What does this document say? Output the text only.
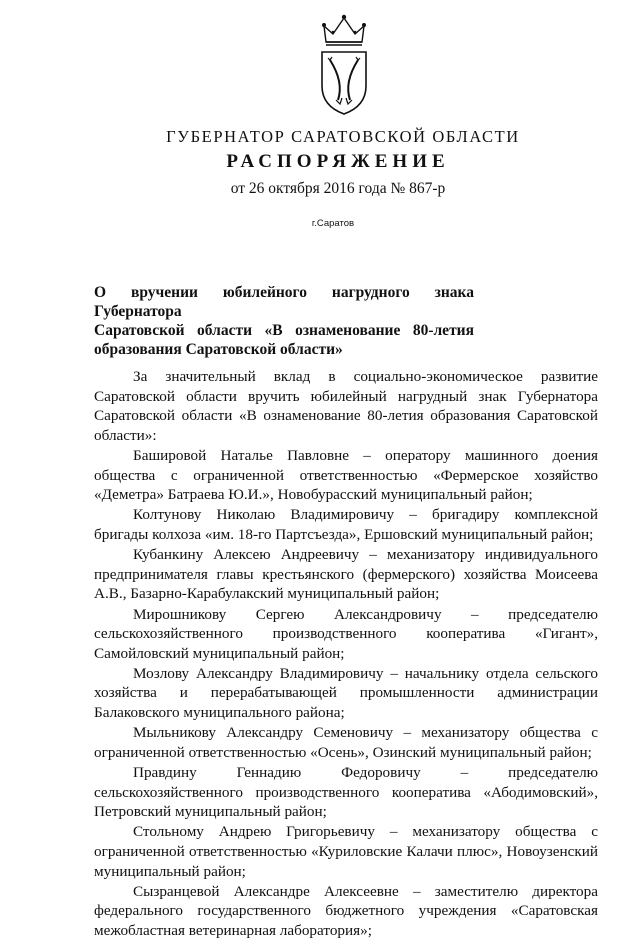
ГУБЕРНАТОР САРАТОВСКОЙ ОБЛАСТИ
РАСПОРЯЖЕНИЕ
от 26 октября 2016 года № 867-р
г.Саратов
О вручении юбилейного нагрудного знака Губернатора
Саратовской области «В ознаменование 80-летия
образования Саратовской области»

За значительный вклад в социально-экономическое развитие Саратовской области вручить юбилейный нагрудный знак Губернатора Саратовской области «В ознаменование 80-летия образования Саратовской области»:

Башировой Наталье Павловне – оператору машинного доения общества с ограниченной ответственностью «Фермерское хозяйство «Деметра» Батраева Ю.И.», Новобурасский муниципальный район;

Колтунову Николаю Владимировичу – бригадиру комплексной бригады колхоза «им. 18-го Партсъезда», Ершовский муниципальный район;

Кубанкину Алексею Андреевичу – механизатору индивидуального предпринимателя главы крестьянского (фермерского) хозяйства Моисеева А.В., Базарно-Карабулакский муниципальный район;

Мирошникову Сергею Александровичу – председателю сельскохозяйственного производственного кооператива «Гигант», Самойловский муниципальный район;

Мозлову Александру Владимировичу – начальнику отдела сельского хозяйства и перерабатывающей промышленности администрации Балаковского муниципального района;

Мыльникову Александру Семеновичу – механизатору общества с ограниченной ответственностью «Осень», Озинский муниципальный район;

Правдину Геннадию Федоровичу – председателю сельскохозяйственного производственного кооператива «Абодимовский», Петровский муниципальный район;

Стольному Андрею Григорьевичу – механизатору общества с ограниченной ответственностью «Куриловские Калачи плюс», Новоузенский муниципальный район;

Сызранцевой Александре Алексеевне – заместителю директора федерального государственного бюджетного учреждения «Саратовская межобластная ветеринарная лаборатория»;
